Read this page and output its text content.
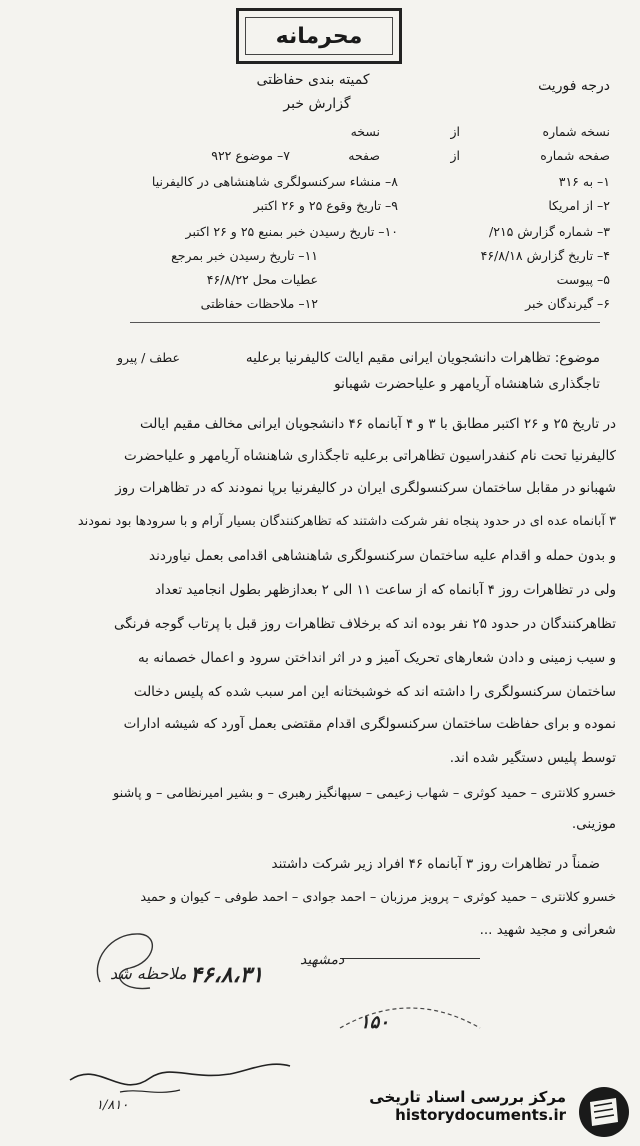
محرمانه
کمیته بندی حفاظتی
گزارش خبر
درجه فوریت
نسخه شماره
از
نسخه
صفحه شماره
از
صفحه
۷– موضوع ۹۲۲
۱– به ۳۱۶
۸– منشاء سرکنسولگری شاهنشاهی در کالیفرنیا
۲– از امریکا
۹– تاریخ وقوع ۲۵ و ۲۶ اکتبر
۳– شماره گزارش ۲۱۵/
۱۰– تاریخ رسیدن خبر بمنبع ۲۵ و ۲۶ اکتبر
۴– تاریخ گزارش ۴۶/۸/۱۸
۱۱– تاریخ رسیدن خبر بمرجع
۵– پیوست
عطیات محل ۴۶/۸/۲۲
۶– گیرندگان خبر
۱۲– ملاحظات حفاظتی
موضوع: تظاهرات دانشجویان ایرانی مقیم ایالت کالیفرنیا برعلیه
عطف / پیرو
تاجگذاری شاهنشاه آریامهر و علیاحضرت شهبانو
در تاریخ ۲۵ و ۲۶ اکتبر مطابق با ۳ و ۴ آبانماه ۴۶ دانشجویان ایرانی مخالف مقیم ایالت
کالیفرنیا تحت نام کنفدراسیون تظاهراتی برعلیه تاجگذاری شاهنشاه آریامهر و علیاحضرت
شهبانو در مقابل ساختمان سرکنسولگری ایران در کالیفرنیا برپا نمودند که در تظاهرات روز
۳ آبانماه عده ای در حدود پنجاه نفر شرکت داشتند که تظاهرکنندگان بسیار آرام و با سرودها بود نمودند
و بدون حمله و اقدام علیه ساختمان سرکنسولگری شاهنشاهی اقدامی بعمل نیاوردند
ولی در تظاهرات روز ۴ آبانماه که از ساعت ۱۱ الی ۲ بعدازظهر بطول انجامید تعداد
تظاهرکنندگان در حدود ۲۵ نفر بوده اند که برخلاف تظاهرات روز قبل با پرتاب گوجه فرنگی
و سیب زمینی و دادن شعارهای تحریک آمیز و در اثر انداختن سرود و اعمال خصمانه به
ساختمان سرکنسولگری را داشته اند که خوشبختانه این امر سبب شده که پلیس دخالت
نموده و برای حفاظت ساختمان سرکنسولگری اقدام مقتضی بعمل آورد که شیشه ادارات
توسط پلیس دستگیر شده اند.
خسرو کلانتری – حمید کوثری – شهاب زعیمی – سپهانگیز رهبری – و بشیر امیرنظامی – و پاشنو
موزینی.
ضمناً در تظاهرات روز ۳ آبانماه ۴۶ افراد زیر شرکت داشتند
خسرو کلانتری – حمید کوثری – پرویز مرزبان – احمد جوادی – احمد طوفی – کیوان و حمید
شعرانی و مجید شهید ...
۴۶،۸،۳۱
دمشهید
ملاحظه شد
۱۵۰
۱/۸۱۰	مرکز بررسی اسناد تاریخی
historydocuments.ir
